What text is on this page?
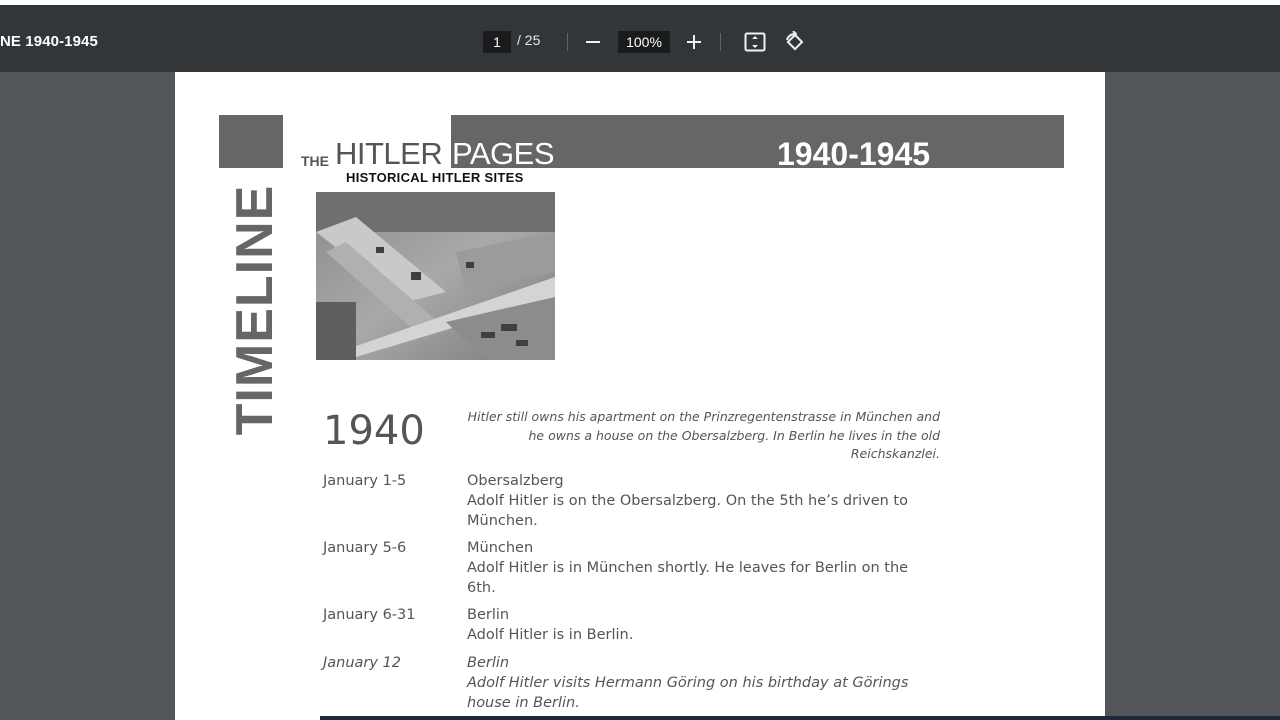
NE 1940-1945	1	/ 25	100%
THE HITLER PAGES
HISTORICAL HITLER SITES
1940-1945
TIMELINE 1940	Hitler still owns his apartment on the Prinzregentenstrasse in München and he owns a house on the Obersalzberg. In Berlin he lives in the old Reichskanzlei.
January 1-5	Obersalzberg
Adolf Hitler is on the Obersalzberg. On the 5th he’s driven to München.
January 5-6	München
Adolf Hitler is in München shortly. He leaves for Berlin on the 6th.
January 6-31	Berlin
Adolf Hitler is in Berlin.
January 12	Berlin
Adolf Hitler visits Hermann Göring on his birthday at Görings house in Berlin.
